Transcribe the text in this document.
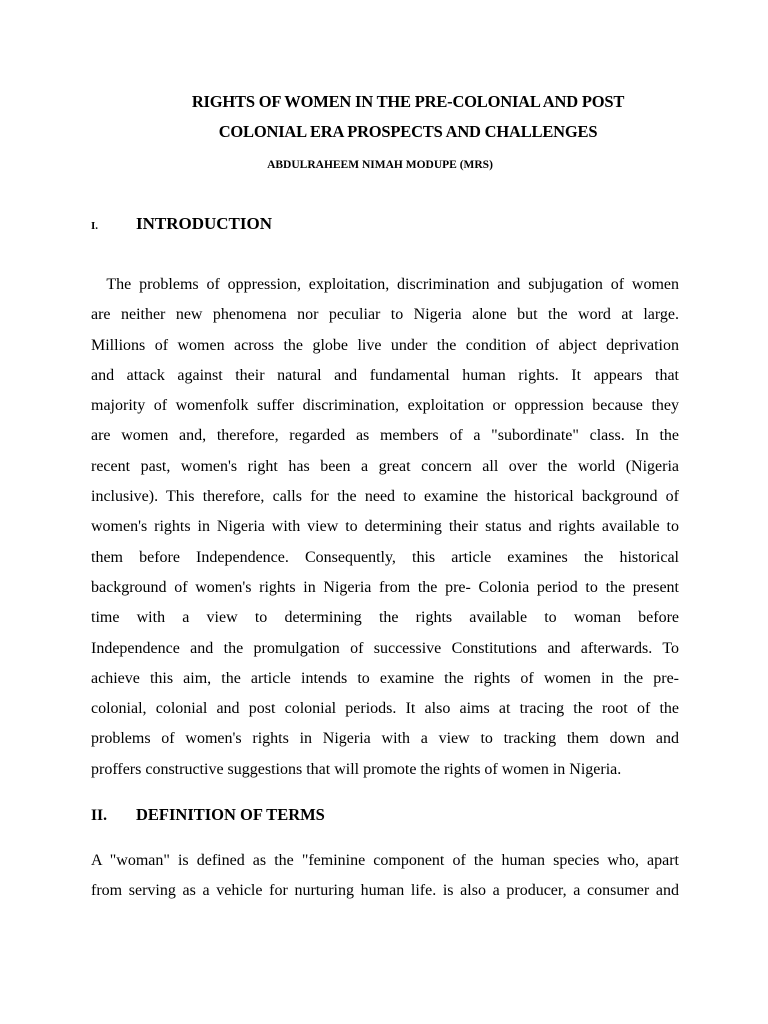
RIGHTS OF WOMEN IN THE PRE-COLONIAL AND POST
COLONIAL ERA PROSPECTS AND CHALLENGES
ABDULRAHEEM NIMAH MODUPE (MRS)
I. INTRODUCTION
The problems of oppression, exploitation, discrimination and subjugation of women
are neither new phenomena nor peculiar to Nigeria alone but the word at large.
Millions of women across the globe live under the condition of abject deprivation
and attack against their natural and fundamental human rights. It appears that
majority of womenfolk suffer discrimination, exploitation or oppression because they
are women and, therefore, regarded as members of a "subordinate" class. In the
recent past, women's right has been a great concern all over the world (Nigeria
inclusive). This therefore, calls for the need to examine the historical background of
women's rights in Nigeria with view to determining their status and rights available to
them before Independence. Consequently, this article examines the historical
background of women's rights in Nigeria from the pre- Colonia period to the present
time with a view to determining the rights available to woman before
Independence and the promulgation of successive Constitutions and afterwards. To
achieve this aim, the article intends to examine the rights of women in the pre-
colonial, colonial and post colonial periods. It also aims at tracing the root of the
problems of women's rights in Nigeria with a view to tracking them down and
proffers constructive suggestions that will promote the rights of women in Nigeria.
II. DEFINITION OF TERMS
A "woman" is defined as the "feminine component of the human species who, apart
from serving as a vehicle for nurturing human life. is also a producer, a consumer and
